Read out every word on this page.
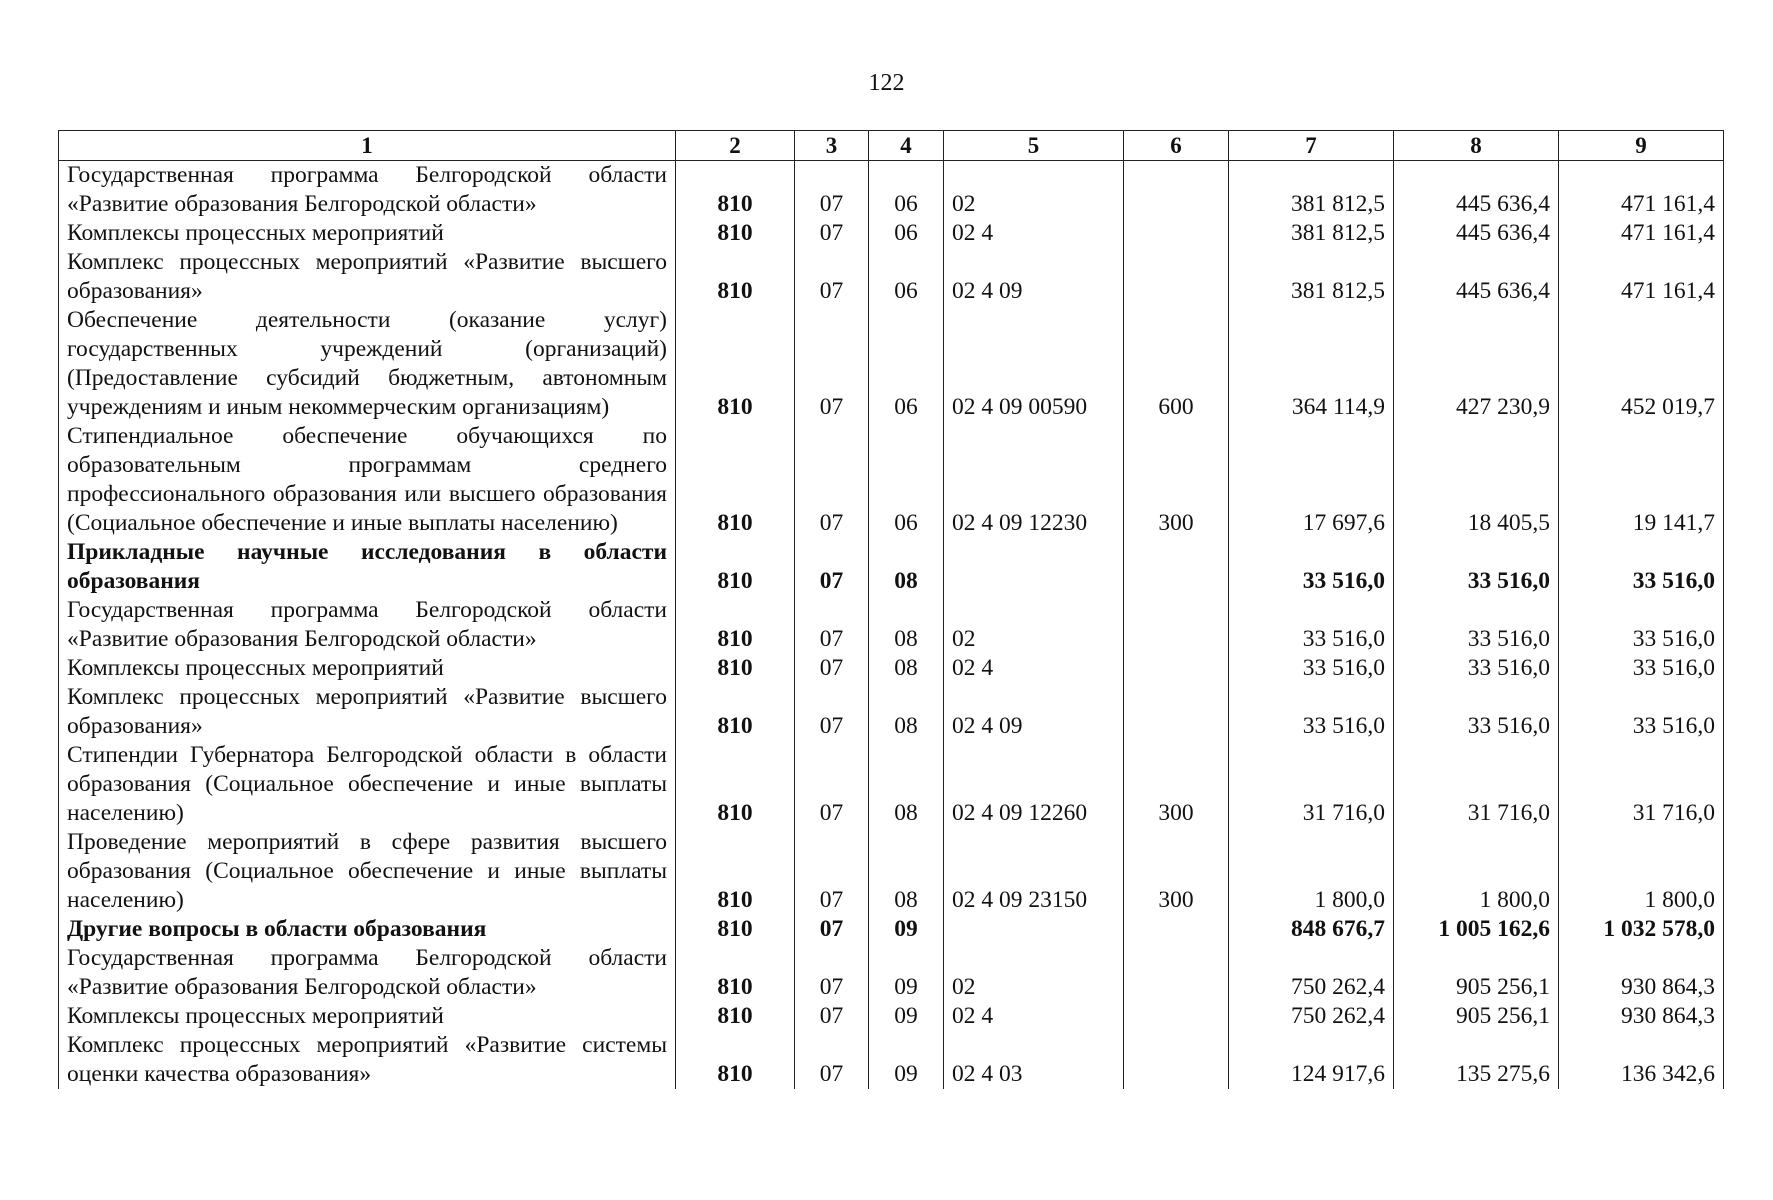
122
1	2	3	4	5	6	7	8	9
Государственная программа Белгородской области «Развитие образования Белгородской области»	810	07	06	02		381 812,5	445 636,4	471 161,4
Комплексы процессных мероприятий	810	07	06	02 4		381 812,5	445 636,4	471 161,4
Комплекс процессных мероприятий «Развитие высшего образования»	810	07	06	02 4 09		381 812,5	445 636,4	471 161,4
Обеспечение деятельности (оказание услуг) государственных учреждений (организаций) (Предоставление субсидий бюджетным, автономным учреждениям и иным некоммерческим организациям)	810	07	06	02 4 09 00590	600	364 114,9	427 230,9	452 019,7
Стипендиальное обеспечение обучающихся по образовательным программам среднего профессионального образования или высшего образования (Социальное обеспечение и иные выплаты населению)	810	07	06	02 4 09 12230	300	17 697,6	18 405,5	19 141,7
Прикладные научные исследования в области образования	810	07	08			33 516,0	33 516,0	33 516,0
Государственная программа Белгородской области «Развитие образования Белгородской области»	810	07	08	02		33 516,0	33 516,0	33 516,0
Комплексы процессных мероприятий	810	07	08	02 4		33 516,0	33 516,0	33 516,0
Комплекс процессных мероприятий «Развитие высшего образования»	810	07	08	02 4 09		33 516,0	33 516,0	33 516,0
Стипендии Губернатора Белгородской области в области образования (Социальное обеспечение и иные выплаты населению)	810	07	08	02 4 09 12260	300	31 716,0	31 716,0	31 716,0
Проведение мероприятий в сфере развития высшего образования (Социальное обеспечение и иные выплаты населению)	810	07	08	02 4 09 23150	300	1 800,0	1 800,0	1 800,0
Другие вопросы в области образования	810	07	09			848 676,7	1 005 162,6	1 032 578,0
Государственная программа Белгородской области «Развитие образования Белгородской области»	810	07	09	02		750 262,4	905 256,1	930 864,3
Комплексы процессных мероприятий	810	07	09	02 4		750 262,4	905 256,1	930 864,3
Комплекс процессных мероприятий «Развитие системы оценки качества образования»	810	07	09	02 4 03		124 917,6	135 275,6	136 342,6
